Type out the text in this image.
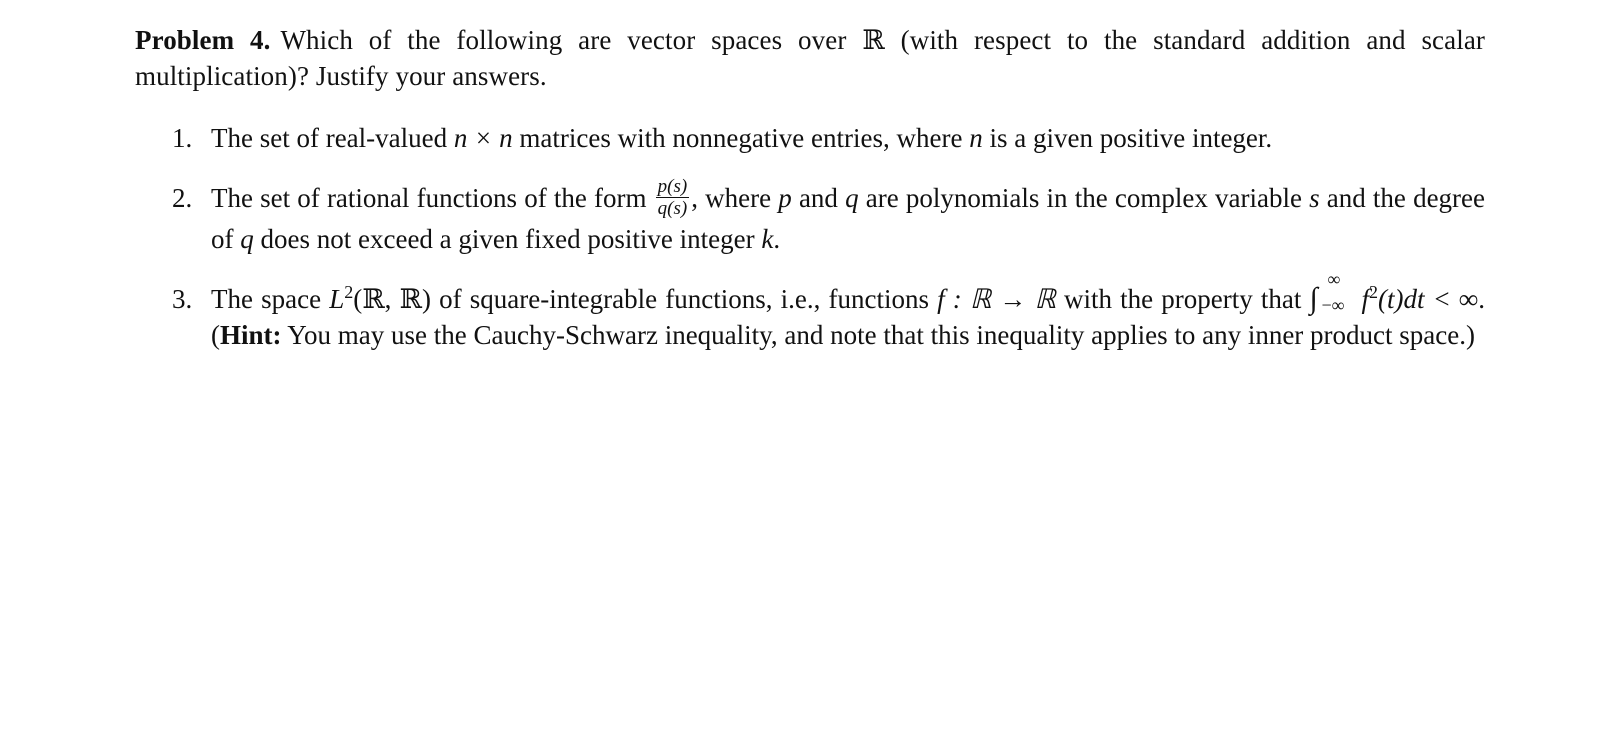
Problem 4. Which of the following are vector spaces over ℝ (with respect to the standard addition and scalar multiplication)? Justify your answers.

1. The set of real-valued n × n matrices with nonnegative entries, where n is a given positive integer.
2. The set of rational functions of the form $\frac{p(s)}{q(s)}$ , where p and q are polynomials in the complex variable s and the degree of q does not exceed a given fixed positive integer k.
3. The space $L^2(ℝ$, ℝ) of square-integrable functions, i.e., functions f : ℝ → ℝ with the property that ∫
∞
−∞ $f^2(t)dt$ < ∞. (Hint: You may use the Cauchy-Schwarz inequality, and note that this inequality applies to any inner product space.)
